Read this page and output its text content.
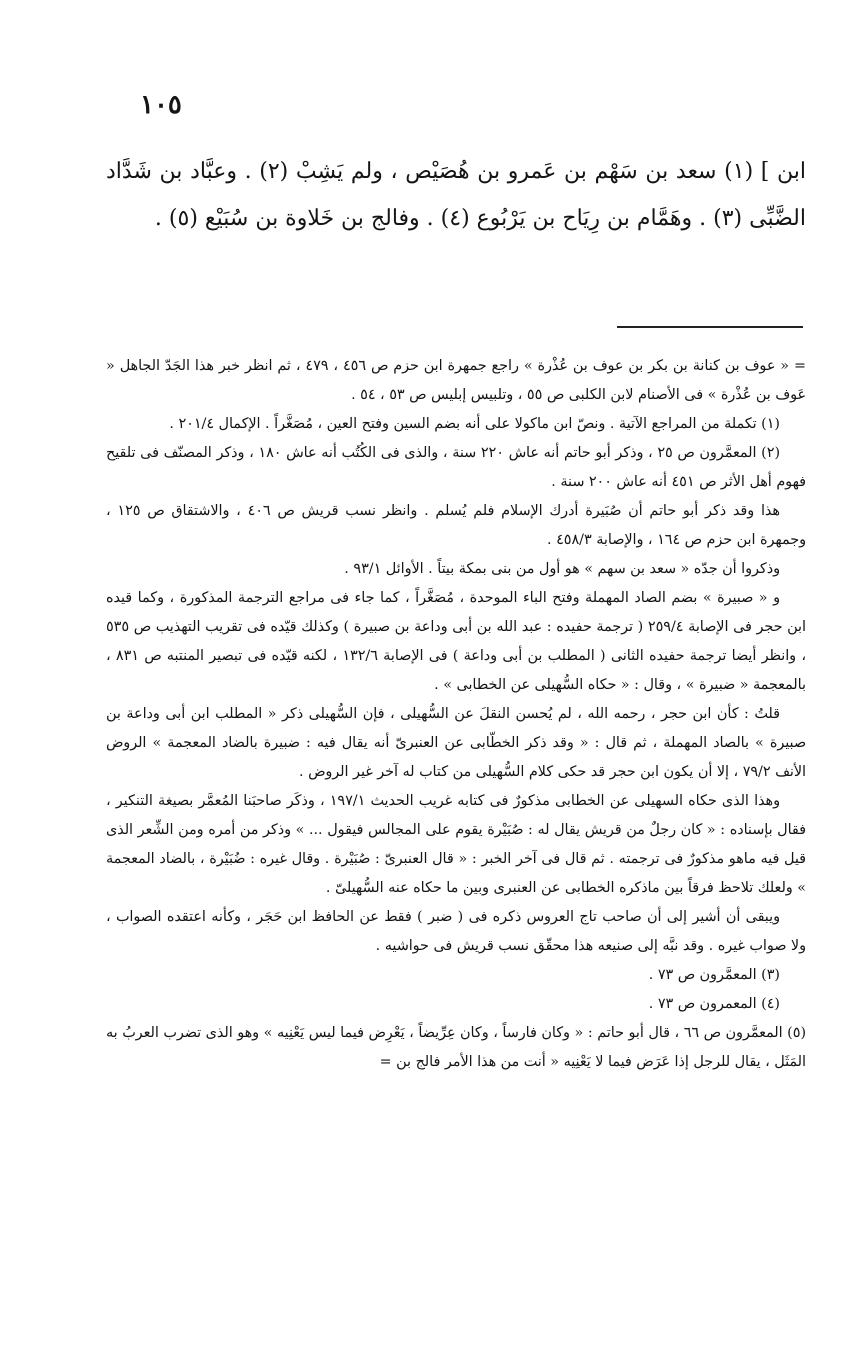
١٠٥

ابن ] (١) سعد بن سَهْم بن عَمرو بن هُصَيْص ، ولم يَشِبْ (٢) . وعبَّاد بن شَدَّاد الضَّبِّى (٣) . وهَمَّام بن رِيَاح بن يَرْبُوع (٤) . وفالج بن خَلاوة بن سُبَيْع (٥) .

= « عوف بن كنانة بن بكر بن عوف بن عُذْرة » راجع جمهرة ابن حزم ص ٤٥٦ ، ٤٧٩ ، ثم انظر خبر هذا الجَدّ الجاهل « عَوف بن عُذْرة » فى الأصنام لابن الكلبى ص ٥٥ ، وتلبيس إبليس ص ٥٣ ، ٥٤ .

(١) تكملة من المراجع الآتية . ونصّ ابن ماكولا على أنه بضم السين وفتح العين ، مُصَغَّراً . الإكمال ٢٠١/٤ .

(٢) المعمَّرون ص ٢٥ ، وذكر أبو حاتم أنه عاش ٢٢٠ سنة ، والذى فى الكُتُب أنه عاش ١٨٠ ، وذكر المصنّف فى تلقيح فهوم أهل الأثر ص ٤٥١ أنه عاش ٢٠٠ سنة .

هذا وقد ذكر أبو حاتم أن صُبَيرة أدرك الإسلام فلم يُسلم . وانظر نسب قريش ص ٤٠٦ ، والاشتقاق ص ١٢٥ ، وجمهرة ابن حزم ص ١٦٤ ، والإصابة ٤٥٨/٣ .

وذكروا أن جدّه « سعد بن سهم » هو أول من بنى بمكة بيتاً . الأوائل ٩٣/١ .

و « صبيرة » بضم الصاد المهملة وفتح الباء الموحدة ، مُصَغَّراً ، كما جاء فى مراجع الترجمة المذكورة ، وكما قيده ابن حجر فى الإصابة ٢٥٩/٤ ( ترجمة حفيده : عبد الله بن أبى وداعة بن صبيرة ) وكذلك قيّده فى تقريب التهذيب ص ٥٣٥ ، وانظر أيضا ترجمة حفيده الثانى ( المطلب بن أبى وداعة ) فى الإصابة ١٣٢/٦ ، لكنه قيّده فى تبصير المنتبه ص ٨٣١ ، بالمعجمة « ضبيرة » ، وقال : « حكاه السُّهيلى عن الخطابى » .

قلتُ : كأن ابن حجر ، رحمه الله ، لم يُحسن النقلَ عن السُّهيلى ، فإن السُّهيلى ذكر « المطلب ابن أبى وداعة بن صبيرة » بالصاد المهملة ، ثم قال : « وقد ذكر الخطّابى عن العنبرىّ أنه يقال فيه : ضبيرة بالضاد المعجمة » الروض الأنف ٧٩/٢ ، إلا أن يكون ابن حجر قد حكى كلام السُّهيلى من كتاب له آخر غير الروض .

وهذا الذى حكاه السهيلى عن الخطابى مذكورٌ فى كتابه غريب الحديث ١٩٧/١ ، وذكَر صاحبَنا المُعمَّر بصيغة التنكير ، فقال بإسناده : « كان رجلٌ من قريش يقال له : صُبَيْرة يقوم على المجالس فيقول ... » وذكر من أمره ومن الشِّعر الذى قيل فيه ماهو مذكورٌ فى ترجمته . ثم قال فى آخر الخبر : « قال العنبرىّ : صُبَيْرة . وقال غيره : ضُبَيْرة ، بالضاد المعجمة » ولعلك تلاحظ فرقاً بين ماذكره الخطابى عن العنبرى وبين ما حكاه عنه السُّهيلىّ .

ويبقى أن أشير إلى أن صاحب تاج العروس ذكره فى ( ضبر ) فقط عن الحافظ ابن حَجَر ، وكأنه اعتقده الصواب ، ولا صواب غيره . وقد نبَّه إلى صنيعه هذا محقّق نسب قريش فى حواشيه .

(٣) المعمَّرون ص ٧٣ .

(٤) المعمرون ص ٧٣ .

(٥) المعمَّرون ص ٦٦ ، قال أبو حاتم : « وكان فارساً ، وكان عِرِّيضاً ، يَعْرِض فيما ليس يَعْنِيه » وهو الذى تضرب العربُ به المَثَل ، يقال للرجل إذا عَرَض فيما لا يَعْنِيه « أنت من هذا الأمر فالج بن =
